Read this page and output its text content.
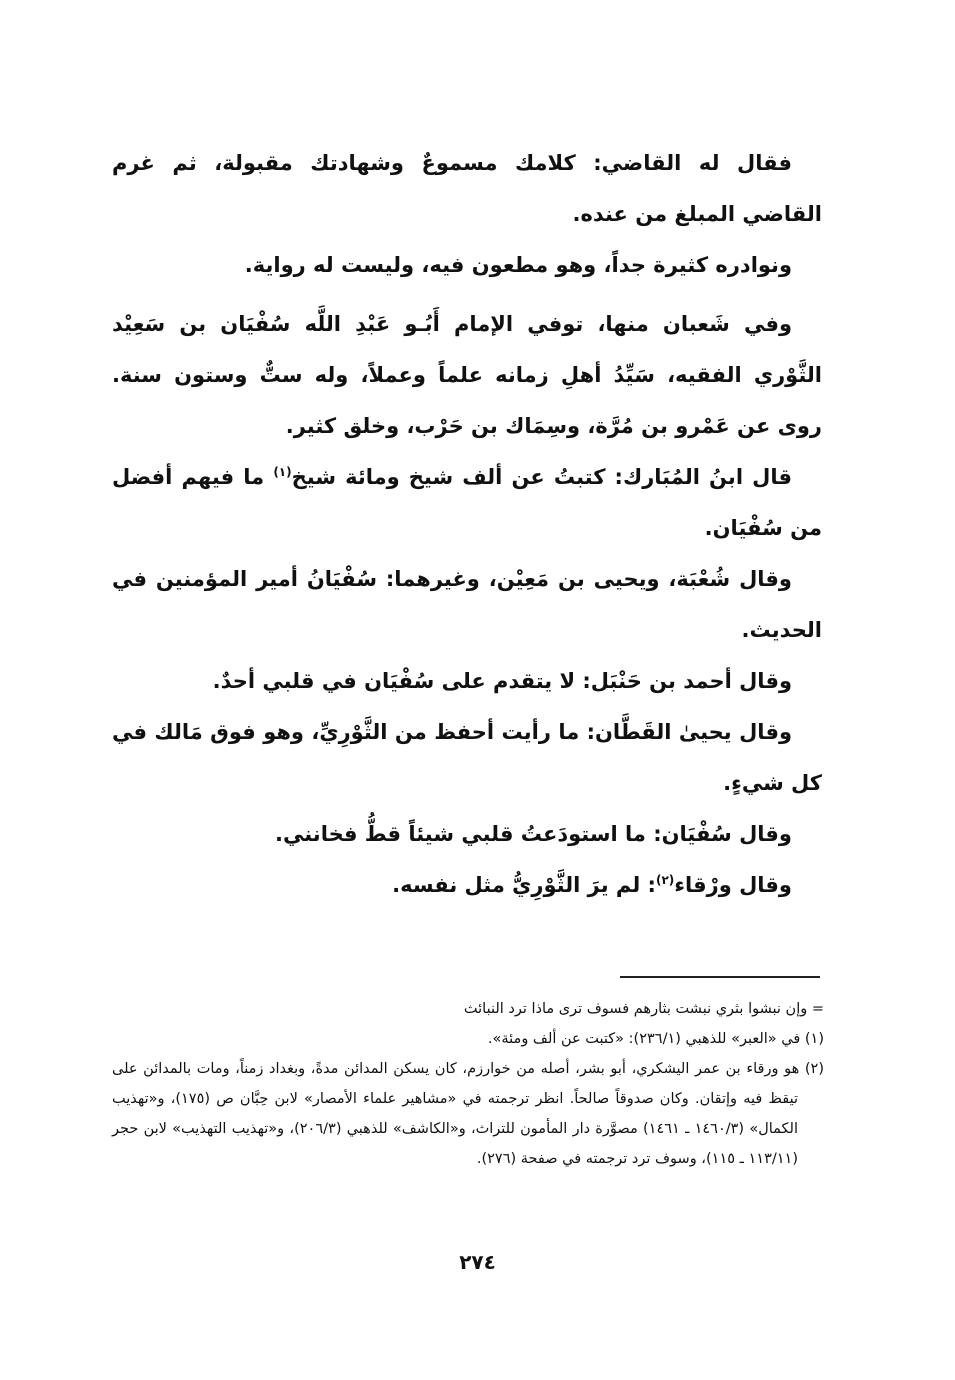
فقال له القاضي: كلامك مسموعٌ وشهادتك مقبولة، ثم غرم القاضي المبلغ من عنده.

ونوادره كثيرة جداً، وهو مطعون فيه، وليست له رواية.

وفي شَعبان منها، توفي الإمام أَبُـو عَبْدِ اللَّه سُفْيَان بن سَعِيْد الثَّوْري الفقيه، سَيِّدُ أهلِ زمانه علماً وعملاً، وله ستٌّ وستون سنة. روى عن عَمْرو بن مُرَّة، وسِمَاك بن حَرْب، وخلق كثير.

قال ابنُ المُبَارك: كتبتُ عن ألف شيخ ومائة شيخ$^{(١)}$ ما فيهم أفضل من سُفْيَان.

وقال شُعْبَة، ويحيى بن مَعِيْن، وغيرهما: سُفْيَانُ أمير المؤمنين في الحديث.

وقال أحمد بن حَنْبَل: لا يتقدم على سُفْيَان في قلبي أحدٌ.

وقال يحيىٰ القَطَّان: ما رأيت أحفظ من الثَّوْرِيِّ، وهو فوق مَالك في كل شيءٍ.

وقال سُفْيَان: ما استودَعتُ قلبي شيئاً قطُّ فخانني.

وقال ورْقاء$^{(٢)}$: لم يرَ الثَّوْرِيُّ مثل نفسه.

= وإن نبشوا بثري نبشت بثارهم فسوف ترى ماذا ترد النبائث

(١) في «العبر» للذهبي (٢٣٦/١): «كتبت عن ألف ومئة».

(٢) هو ورقاء بن عمر اليشكري، أبو بشر، أصله من خوارزم، كان يسكن المدائن مدةً، وبغداد زمناً، ومات بالمدائن على تيقظ فيه وإتقان. وكان صدوقاً صالحاً. انظر ترجمته في «مشاهير علماء الأمصار» لابن حِبَّان ص (١٧٥)، و«تهذيب الكمال» (١٤٦٠/٣ ـ ١٤٦١) مصوَّرة دار المأمون للتراث، و«الكاشف» للذهبي (٢٠٦/٣)، و«تهذيب التهذيب» لابن حجر (١١٣/١١ ـ ١١٥)، وسوف ترد ترجمته في صفحة (٢٧٦).

٢٧٤
